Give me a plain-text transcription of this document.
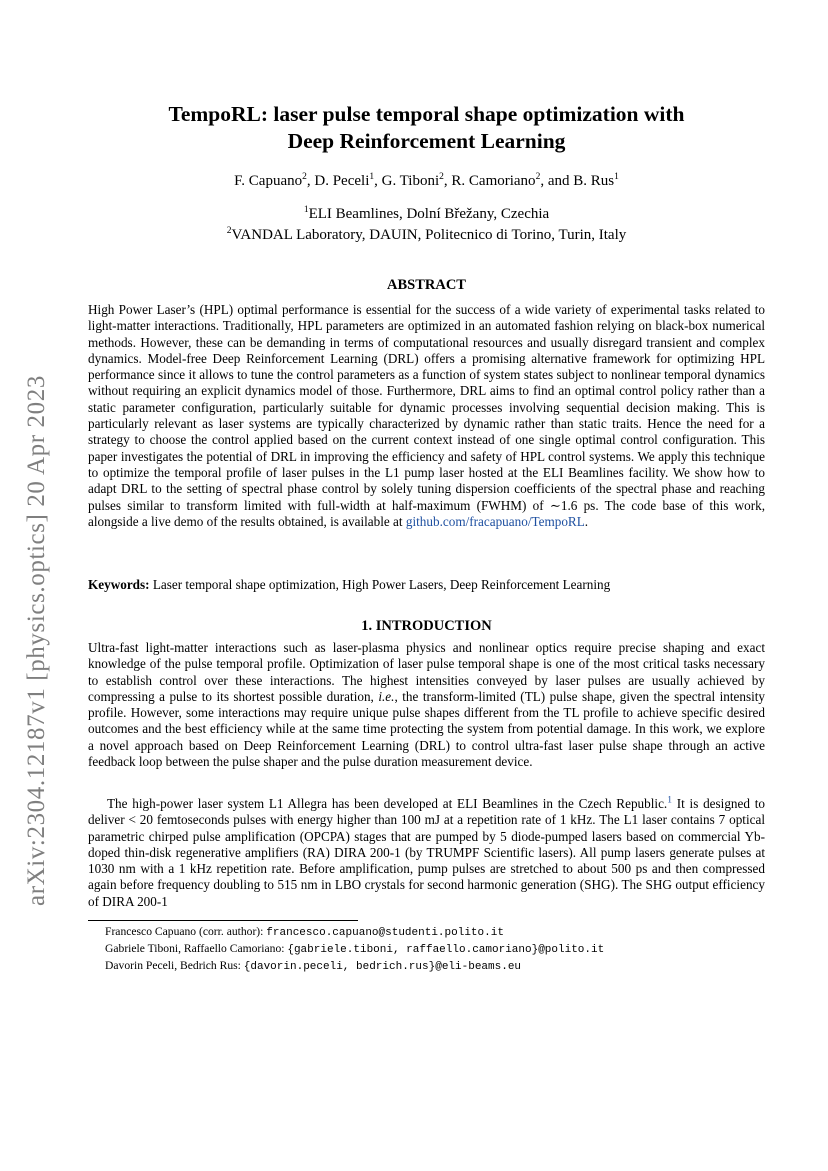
arXiv:2304.12187v1 [physics.optics] 20 Apr 2023
TempoRL: laser pulse temporal shape optimization with
Deep Reinforcement Learning
F. Capuano$^2$, D. Peceli$^1$, G. Tiboni$^2$, R. Camoriano$^2$, and B. Rus$^1$
$^1$ELI Beamlines, Dolní Břežany, Czechia
$^2$VANDAL Laboratory, DAUIN, Politecnico di Torino, Turin, Italy
ABSTRACT
High Power Laser’s (HPL) optimal performance is essential for the success of a wide variety of experimental tasks related to light-matter interactions. Traditionally, HPL parameters are optimized in an automated fashion relying on black-box numerical methods. However, these can be demanding in terms of computational resources and usually disregard transient and complex dynamics. Model-free Deep Reinforcement Learning (DRL) offers a promising alternative framework for optimizing HPL performance since it allows to tune the control parameters as a function of system states subject to nonlinear temporal dynamics without requiring an explicit dynamics model of those. Furthermore, DRL aims to find an optimal control policy rather than a static parameter configuration, particularly suitable for dynamic processes involving sequential decision making. This is particularly relevant as laser systems are typically characterized by dynamic rather than static traits. Hence the need for a strategy to choose the control applied based on the current context instead of one single optimal control configuration. This paper investigates the potential of DRL in improving the efficiency and safety of HPL control systems. We apply this technique to optimize the temporal profile of laser pulses in the L1 pump laser hosted at the ELI Beamlines facility. We show how to adapt DRL to the setting of spectral phase control by solely tuning dispersion coefficients of the spectral phase and reaching pulses similar to transform limited with full-width at half-maximum (FWHM) of ∼1.6 ps. The code base of this work, alongside a live demo of the results obtained, is available at github.com/fracapuano/TempoRL.
Keywords: Laser temporal shape optimization, High Power Lasers, Deep Reinforcement Learning
1. INTRODUCTION
Ultra-fast light-matter interactions such as laser-plasma physics and nonlinear optics require precise shaping and exact knowledge of the pulse temporal profile. Optimization of laser pulse temporal shape is one of the most critical tasks necessary to establish control over these interactions. The highest intensities conveyed by laser pulses are usually achieved by compressing a pulse to its shortest possible duration, i.e., the transform-limited (TL) pulse shape, given the spectral intensity profile. However, some interactions may require unique pulse shapes different from the TL profile to achieve specific desired outcomes and the best efficiency while at the same time protecting the system from potential damage. In this work, we explore a novel approach based on Deep Reinforcement Learning (DRL) to control ultra-fast laser pulse shape through an active feedback loop between the pulse shaper and the pulse duration measurement device.
The high-power laser system L1 Allegra has been developed at ELI Beamlines in the Czech Republic.$^1$ It is designed to deliver < 20 femtoseconds pulses with energy higher than 100 mJ at a repetition rate of 1 kHz. The L1 laser contains 7 optical parametric chirped pulse amplification (OPCPA) stages that are pumped by 5 diode-pumped lasers based on commercial Yb-doped thin-disk regenerative amplifiers (RA) DIRA 200-1 (by TRUMPF Scientific lasers). All pump lasers generate pulses at 1030 nm with a 1 kHz repetition rate. Before amplification, pump pulses are stretched to about 500 ps and then compressed again before frequency doubling to 515 nm in LBO crystals for second harmonic generation (SHG). The SHG output efficiency of DIRA 200-1
Francesco Capuano (corr. author): francesco.capuano@studenti.polito.it
Gabriele Tiboni, Raffaello Camoriano: {gabriele.tiboni, raffaello.camoriano}@polito.it
Davorin Peceli, Bedrich Rus: {davorin.peceli, bedrich.rus}@eli-beams.eu
